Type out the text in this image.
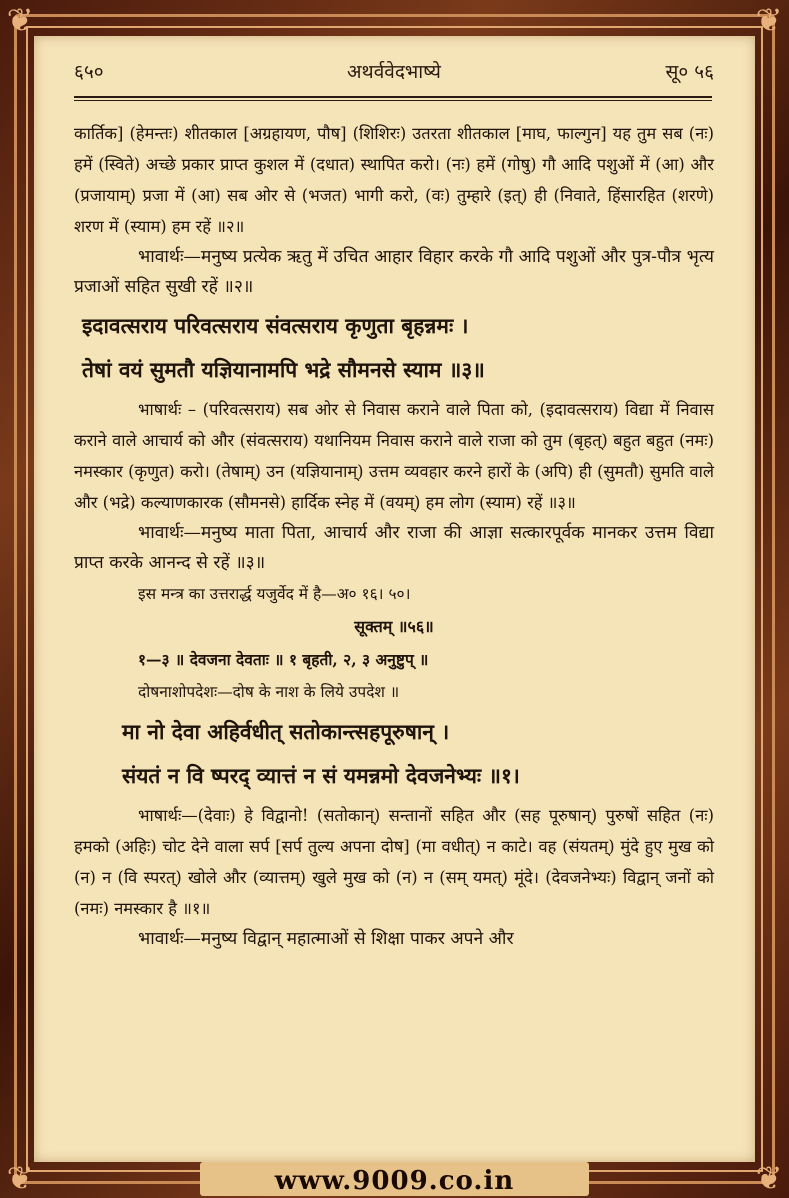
❦	❦
❦	❦
६५०	अथर्ववेदभाष्ये	सू० ५६

कार्तिक] (हेमन्तः) शीतकाल [अग्रहायण, पौष] (शिशिरः) उतरता शीतकाल [माघ, फाल्गुन] यह तुम सब (नः) हमें (स्विते) अच्छे प्रकार प्राप्त कुशल में (दधात) स्थापित करो। (नः) हमें (गोषु) गौ आदि पशुओं में (आ) और (प्रजायाम्) प्रजा में (आ) सब ओर से (भजत) भागी करो, (वः) तुम्हारे (इत्) ही (निवाते, हिंसारहित (शरणे) शरण में (स्याम) हम रहें ॥२॥

भावार्थः—मनुष्य प्रत्येक ऋतु में उचित आहार विहार करके गौ आदि पशुओं और पुत्र-पौत्र भृत्य प्रजाओं सहित सुखी रहें ॥२॥

इदावत्सराय परिवत्सराय संवत्सराय कृणुता बृहन्नमः ।

तेषां वयं सुमतौ यज्ञियानामपि भद्रे सौमनसे स्याम ॥३॥

भाषार्थः – (परिवत्सराय) सब ओर से निवास कराने वाले पिता को, (इदावत्सराय) विद्या में निवास कराने वाले आचार्य को और (संवत्सराय) यथानियम निवास कराने वाले राजा को तुम (बृहत्) बहुत बहुत (नमः) नमस्कार (कृणुत) करो। (तेषाम्) उन (यज्ञियानाम्) उत्तम व्यवहार करने हारों के (अपि) ही (सुमतौ) सुमति वाले और (भद्रे) कल्याणकारक (सौमनसे) हार्दिक स्नेह में (वयम्) हम लोग (स्याम) रहें ॥३॥

भावार्थः—मनुष्य माता पिता, आचार्य और राजा की आज्ञा सत्कारपूर्वक मानकर उत्तम विद्या प्राप्त करके आनन्द से रहें ॥३॥

इस मन्त्र का उत्तरार्द्ध यजुर्वेद में है—अ० १६। ५०।

सूक्तम् ॥५६॥

१—३ ॥ देवजना देवताः ॥ १ बृहती, २, ३ अनुष्टुप् ॥

दोषनाशोपदेशः—दोष के नाश के लिये उपदेश ॥

मा नो देवा अहिर्वधीत् सतोकान्त्सहपूरुषान् ।

संयतं न वि ष्परद् व्यात्तं न सं यमन्नमो देवजनेभ्यः ॥१।

भाषार्थः—(देवाः) हे विद्वानो! (सतोकान्) सन्तानों सहित और (सह पूरुषान्) पुरुषों सहित (नः) हमको (अहिः) चोट देने वाला सर्प [सर्प तुल्य अपना दोष] (मा वधीत्) न काटे। वह (संयतम्) मुंदे हुए मुख को (न) न (वि स्परत्) खोले और (व्यात्तम्) खुले मुख को (न) न (सम् यमत्) मूंदे। (देवजनेभ्यः) विद्वान् जनों को (नमः) नमस्कार है ॥१॥

भावार्थः—मनुष्य विद्वान् महात्माओं से शिक्षा पाकर अपने और

www.9009.co.in
